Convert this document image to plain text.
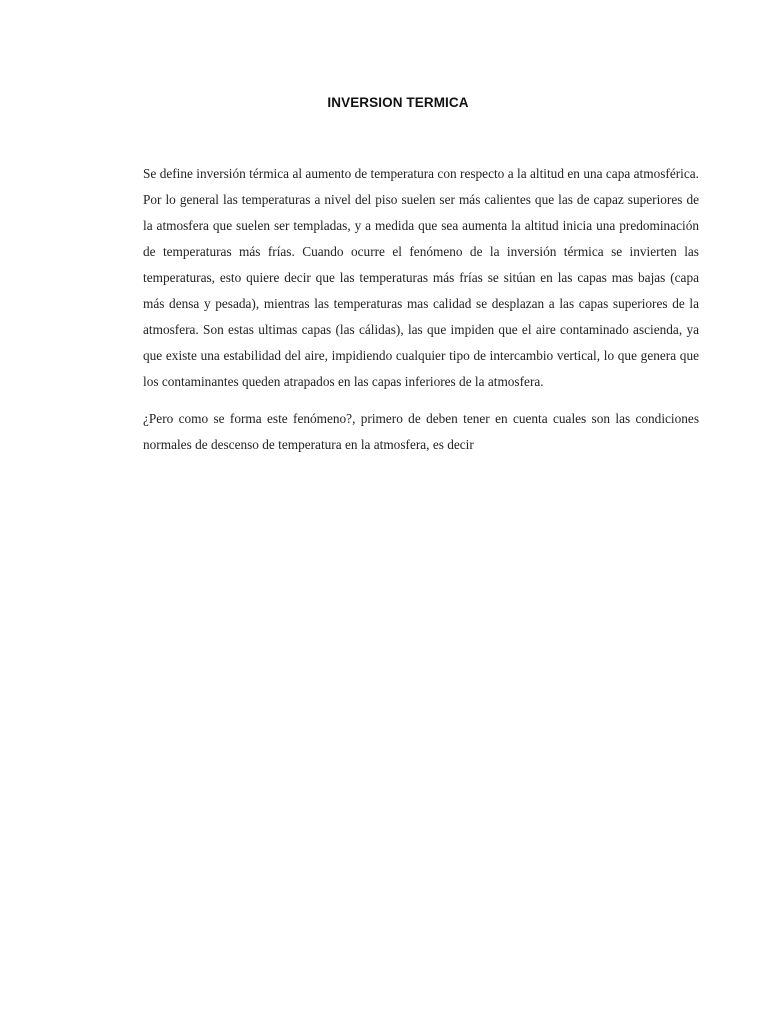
INVERSION TERMICA

Se define inversión térmica al aumento de temperatura con respecto a la altitud en una capa atmosférica. Por lo general las temperaturas a nivel del piso suelen ser más calientes que las de capaz superiores de la atmosfera que suelen ser templadas, y a medida que sea aumenta la altitud inicia una predominación de temperaturas más frías. Cuando ocurre el fenómeno de la inversión térmica se invierten las temperaturas, esto quiere decir que las temperaturas más frías se sitúan en las capas mas bajas (capa más densa y pesada), mientras las temperaturas mas calidad se desplazan a las capas superiores de la atmosfera. Son estas ultimas capas (las cálidas), las que impiden que el aire contaminado ascienda, ya que existe una estabilidad del aire, impidiendo cualquier tipo de intercambio vertical, lo que genera que los contaminantes queden atrapados en las capas inferiores de la atmosfera.

¿Pero como se forma este fenómeno?, primero de deben tener en cuenta cuales son las condiciones normales de descenso de temperatura en la atmosfera, es decir
